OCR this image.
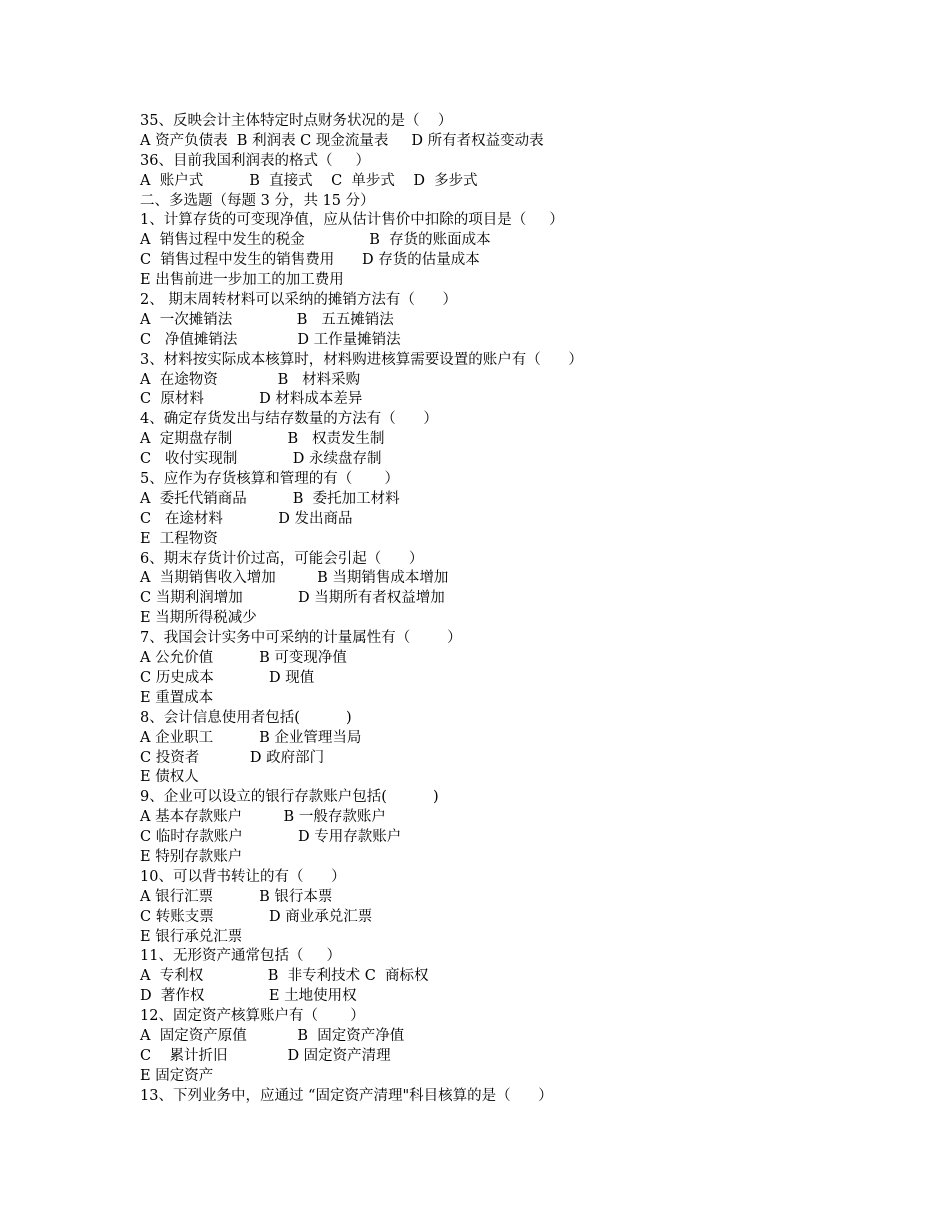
35、反映会计主体特定时点财务状况的是（    ）
A 资产负债表  B 利润表 C 现金流量表     D 所有者权益变动表
36、目前我国利润表的格式（     ）
A  账户式          B  直接式    C  单步式    D  多步式
二、多选题（每题 3 分，共 15 分）
1、计算存货的可变现净值，应从估计售价中扣除的项目是（     ）
A  销售过程中发生的税金              B  存货的账面成本
C  销售过程中发生的销售费用      D 存货的估量成本
E 出售前进一步加工的加工费用
2、 期末周转材料可以采纳的摊销方法有（      ）
A  一次摊销法              B   五五摊销法
C   净值摊销法             D 工作量摊销法
3、材料按实际成本核算时，材料购进核算需要设置的账户有（      ）
A  在途物资             B   材料采购
C  原材料            D 材料成本差异
4、确定存货发出与结存数量的方法有（      ）
A  定期盘存制            B   权责发生制
C   收付实现制            D 永续盘存制
5、应作为存货核算和管理的有（       ）
A  委托代销商品          B  委托加工材料
C   在途材料            D 发出商品
E  工程物资
6、期末存货计价过高，可能会引起（      ）
A  当期销售收入增加         B 当期销售成本增加
C 当期利润增加            D 当期所有者权益增加
E 当期所得税减少
7、我国会计实务中可采纳的计量属性有（        ）
A 公允价值          B 可变现净值
C 历史成本            D 现值
E 重置成本
8、会计信息使用者包括(          )
A 企业职工          B 企业管理当局
C 投资者           D 政府部门
E 债权人
9、企业可以设立的银行存款账户包括(          )
A 基本存款账户         B 一般存款账户
C 临时存款账户            D 专用存款账户
E 特别存款账户
10、可以背书转让的有（      ）
A 银行汇票          B 银行本票
C 转账支票            D 商业承兑汇票
E 银行承兑汇票
11、无形资产通常包括（     ）
A  专利权              B  非专利技术 C  商标权
D  著作权              E 土地使用权
12、固定资产核算账户有（       ）
A  固定资产原值           B  固定资产净值
C    累计折旧             D 固定资产清理
E 固定资产
13、下列业务中，应通过 “固定资产清理"科目核算的是（      ）
